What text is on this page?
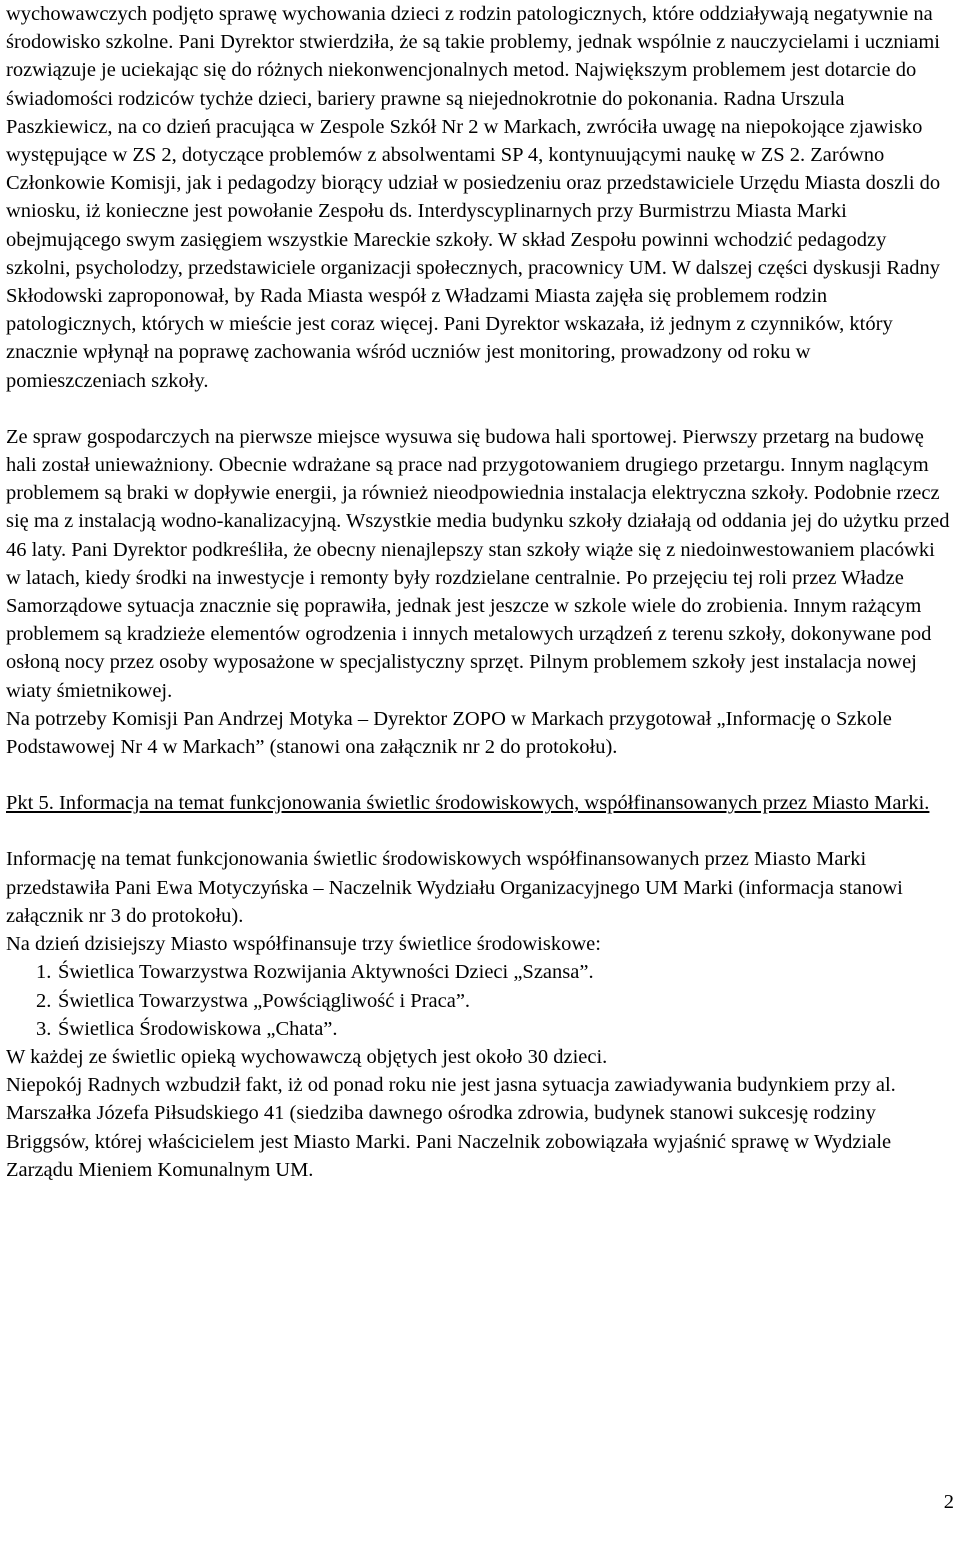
wychowawczych podjęto sprawę wychowania dzieci z rodzin patologicznych, które oddziaływają negatywnie na środowisko szkolne. Pani Dyrektor stwierdziła, że są takie problemy, jednak wspólnie z nauczycielami i uczniami rozwiązuje je uciekając się do różnych niekonwencjonalnych metod. Największym problemem jest dotarcie do świadomości rodziców tychże dzieci, bariery prawne są niejednokrotnie do pokonania. Radna Urszula Paszkiewicz, na co dzień pracująca w Zespole Szkół Nr 2 w Markach, zwróciła uwagę na niepokojące zjawisko występujące w ZS 2, dotyczące problemów z absolwentami SP 4, kontynuującymi naukę w ZS 2. Zarówno Członkowie Komisji, jak i pedagodzy biorący udział w posiedzeniu oraz przedstawiciele Urzędu Miasta doszli do wniosku, iż konieczne jest powołanie Zespołu ds. Interdyscyplinarnych przy Burmistrzu Miasta Marki obejmującego swym zasięgiem wszystkie Mareckie szkoły. W skład Zespołu powinni wchodzić pedagodzy szkolni, psycholodzy, przedstawiciele organizacji społecznych, pracownicy UM. W dalszej części dyskusji Radny Skłodowski zaproponował, by Rada Miasta wespół z Władzami Miasta zajęła się problemem rodzin patologicznych, których w mieście jest coraz więcej. Pani Dyrektor wskazała, iż jednym z czynników, który znacznie wpłynął na poprawę zachowania wśród uczniów jest monitoring, prowadzony od roku w pomieszczeniach szkoły.

Ze spraw gospodarczych na pierwsze miejsce wysuwa się budowa hali sportowej. Pierwszy przetarg na budowę hali został unieważniony. Obecnie wdrażane są prace nad przygotowaniem drugiego przetargu. Innym naglącym problemem są braki w dopływie energii, ja również nieodpowiednia instalacja elektryczna szkoły. Podobnie rzecz się ma z instalacją wodno-kanalizacyjną. Wszystkie media budynku szkoły działają od oddania jej do użytku przed 46 laty. Pani Dyrektor podkreśliła, że obecny nienajlepszy stan szkoły wiąże się z niedoinwestowaniem placówki w latach, kiedy środki na inwestycje i remonty były rozdzielane centralnie. Po przejęciu tej roli przez Władze Samorządowe sytuacja znacznie się poprawiła, jednak jest jeszcze w szkole wiele do zrobienia. Innym rażącym problemem są kradzieże elementów ogrodzenia i innych metalowych urządzeń z terenu szkoły, dokonywane pod osłoną nocy przez osoby wyposażone w specjalistyczny sprzęt. Pilnym problemem szkoły jest instalacja nowej wiaty śmietnikowej.

Na potrzeby Komisji Pan Andrzej Motyka – Dyrektor ZOPO w Markach przygotował „Informację o Szkole Podstawowej Nr 4 w Markach” (stanowi ona załącznik nr 2 do protokołu).

Pkt 5. Informacja na temat funkcjonowania świetlic środowiskowych, współfinansowanych przez Miasto Marki.

Informację na temat funkcjonowania świetlic środowiskowych współfinansowanych przez Miasto Marki przedstawiła Pani Ewa Motyczyńska – Naczelnik Wydziału Organizacyjnego UM Marki (informacja stanowi załącznik nr 3 do protokołu).

Na dzień dzisiejszy Miasto współfinansuje trzy świetlice środowiskowe:

1. Świetlica Towarzystwa Rozwijania Aktywności Dzieci „Szansa”.
2. Świetlica Towarzystwa „Powściągliwość i Praca”.
3. Świetlica Środowiskowa „Chata”.

W każdej ze świetlic opieką wychowawczą objętych jest około 30 dzieci.

Niepokój Radnych wzbudził fakt, iż od ponad roku nie jest jasna sytuacja zawiadywania budynkiem przy al. Marszałka Józefa Piłsudskiego 41 (siedziba dawnego ośrodka zdrowia, budynek stanowi sukcesję rodziny Briggsów, której właścicielem jest Miasto Marki. Pani Naczelnik zobowiązała wyjaśnić sprawę w Wydziale Zarządu Mieniem Komunalnym UM.

2
